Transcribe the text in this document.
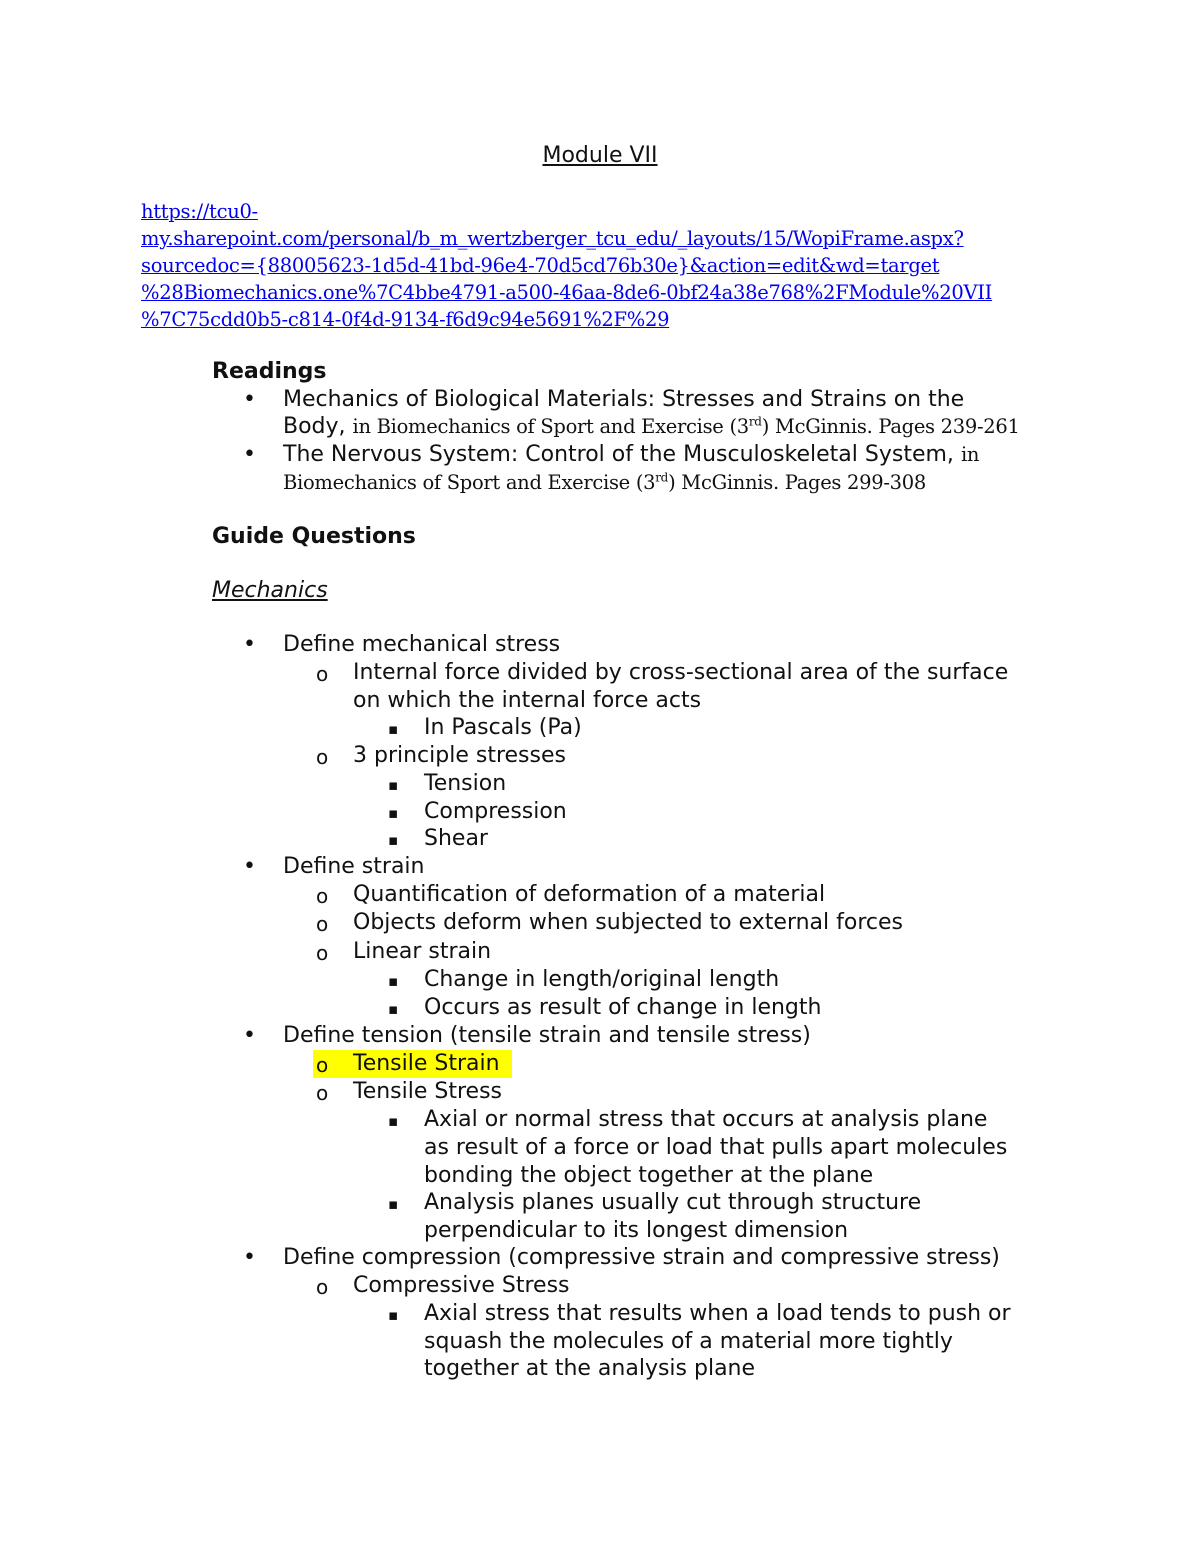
Module VII
https://tcu0-
my.sharepoint.com/personal/b_m_wertzberger_tcu_edu/_layouts/15/WopiFrame.aspx?
sourcedoc={88005623-1d5d-41bd-96e4-70d5cd76b30e}&action=edit&wd=target
%28Biomechanics.one%7C4bbe4791-a500-46aa-8de6-0bf24a38e768%2FModule%20VII
%7C75cdd0b5-c814-0f4d-9134-f6d9c94e5691%2F%29
Readings
• Mechanics of Biological Materials: Stresses and Strains on the
Body, in Biomechanics of Sport and Exercise (3rd) McGinnis. Pages 239-261
• The Nervous System: Control of the Musculoskeletal System, in
Biomechanics of Sport and Exercise (3rd) McGinnis. Pages 299-308
Guide Questions
Mechanics
• Define mechanical stress
o Internal force divided by cross-sectional area of the surface
on which the internal force acts
▪ In Pascals (Pa)
o 3 principle stresses
▪ Tension
▪ Compression
▪ Shear
• Define strain
o Quantification of deformation of a material
o Objects deform when subjected to external forces
o Linear strain
▪ Change in length/original length
▪ Occurs as result of change in length
• Define tension (tensile strain and tensile stress)
o Tensile Strain
o Tensile Stress
▪ Axial or normal stress that occurs at analysis plane
as result of a force or load that pulls apart molecules
bonding the object together at the plane
▪ Analysis planes usually cut through structure
perpendicular to its longest dimension
• Define compression (compressive strain and compressive stress)
o Compressive Stress
▪ Axial stress that results when a load tends to push or
squash the molecules of a material more tightly
together at the analysis plane
